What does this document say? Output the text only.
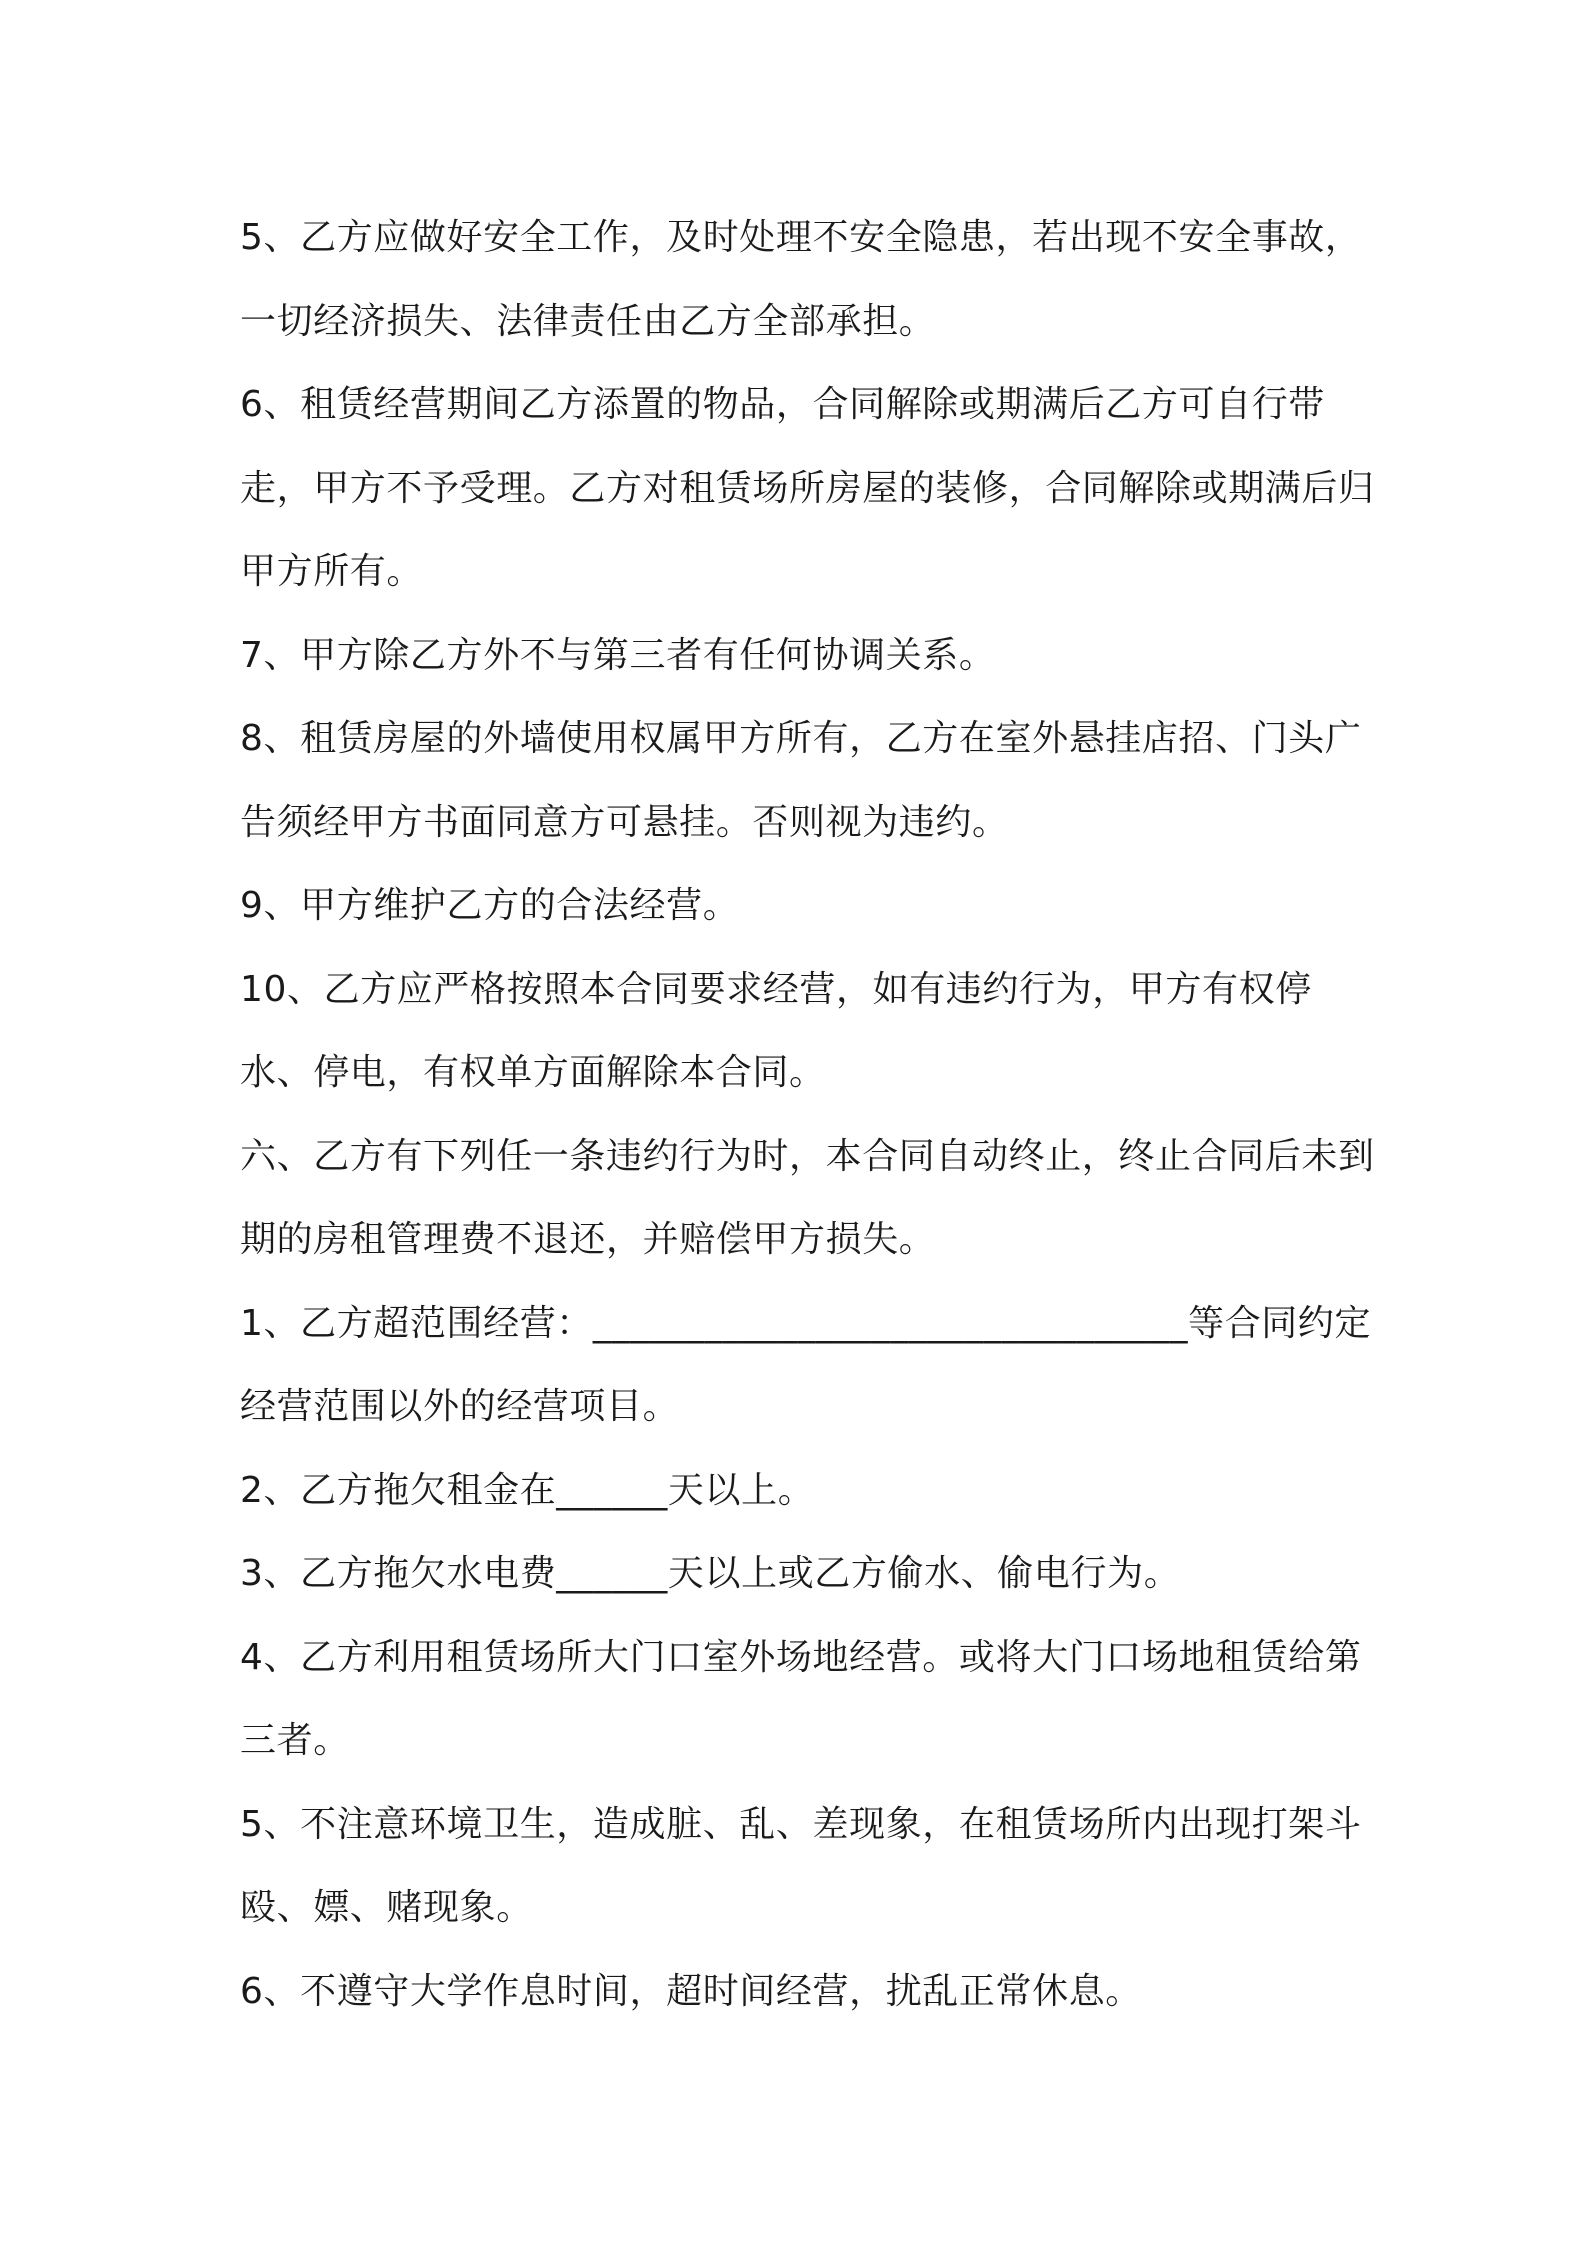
5、乙方应做好安全工作，及时处理不安全隐患，若出现不安全事故，一切经济损失、法律责任由乙方全部承担。

6、租赁经营期间乙方添置的物品，合同解除或期满后乙方可自行带走，甲方不予受理。乙方对租赁场所房屋的装修，合同解除或期满后归甲方所有。

7、甲方除乙方外不与第三者有任何协调关系。

8、租赁房屋的外墙使用权属甲方所有，乙方在室外悬挂店招、门头广告须经甲方书面同意方可悬挂。否则视为违约。

9、甲方维护乙方的合法经营。

10、乙方应严格按照本合同要求经营，如有违约行为，甲方有权停水、停电，有权单方面解除本合同。

六、乙方有下列任一条违约行为时，本合同自动终止，终止合同后未到期的房租管理费不退还，并赔偿甲方损失。

1、乙方超范围经营：________________________________等合同约定经营范围以外的经营项目。

2、乙方拖欠租金在______天以上。

3、乙方拖欠水电费______天以上或乙方偷水、偷电行为。

4、乙方利用租赁场所大门口室外场地经营。或将大门口场地租赁给第三者。

5、不注意环境卫生，造成脏、乱、差现象，在租赁场所内出现打架斗殴、嫖、赌现象。

6、不遵守大学作息时间，超时间经营，扰乱正常休息。
